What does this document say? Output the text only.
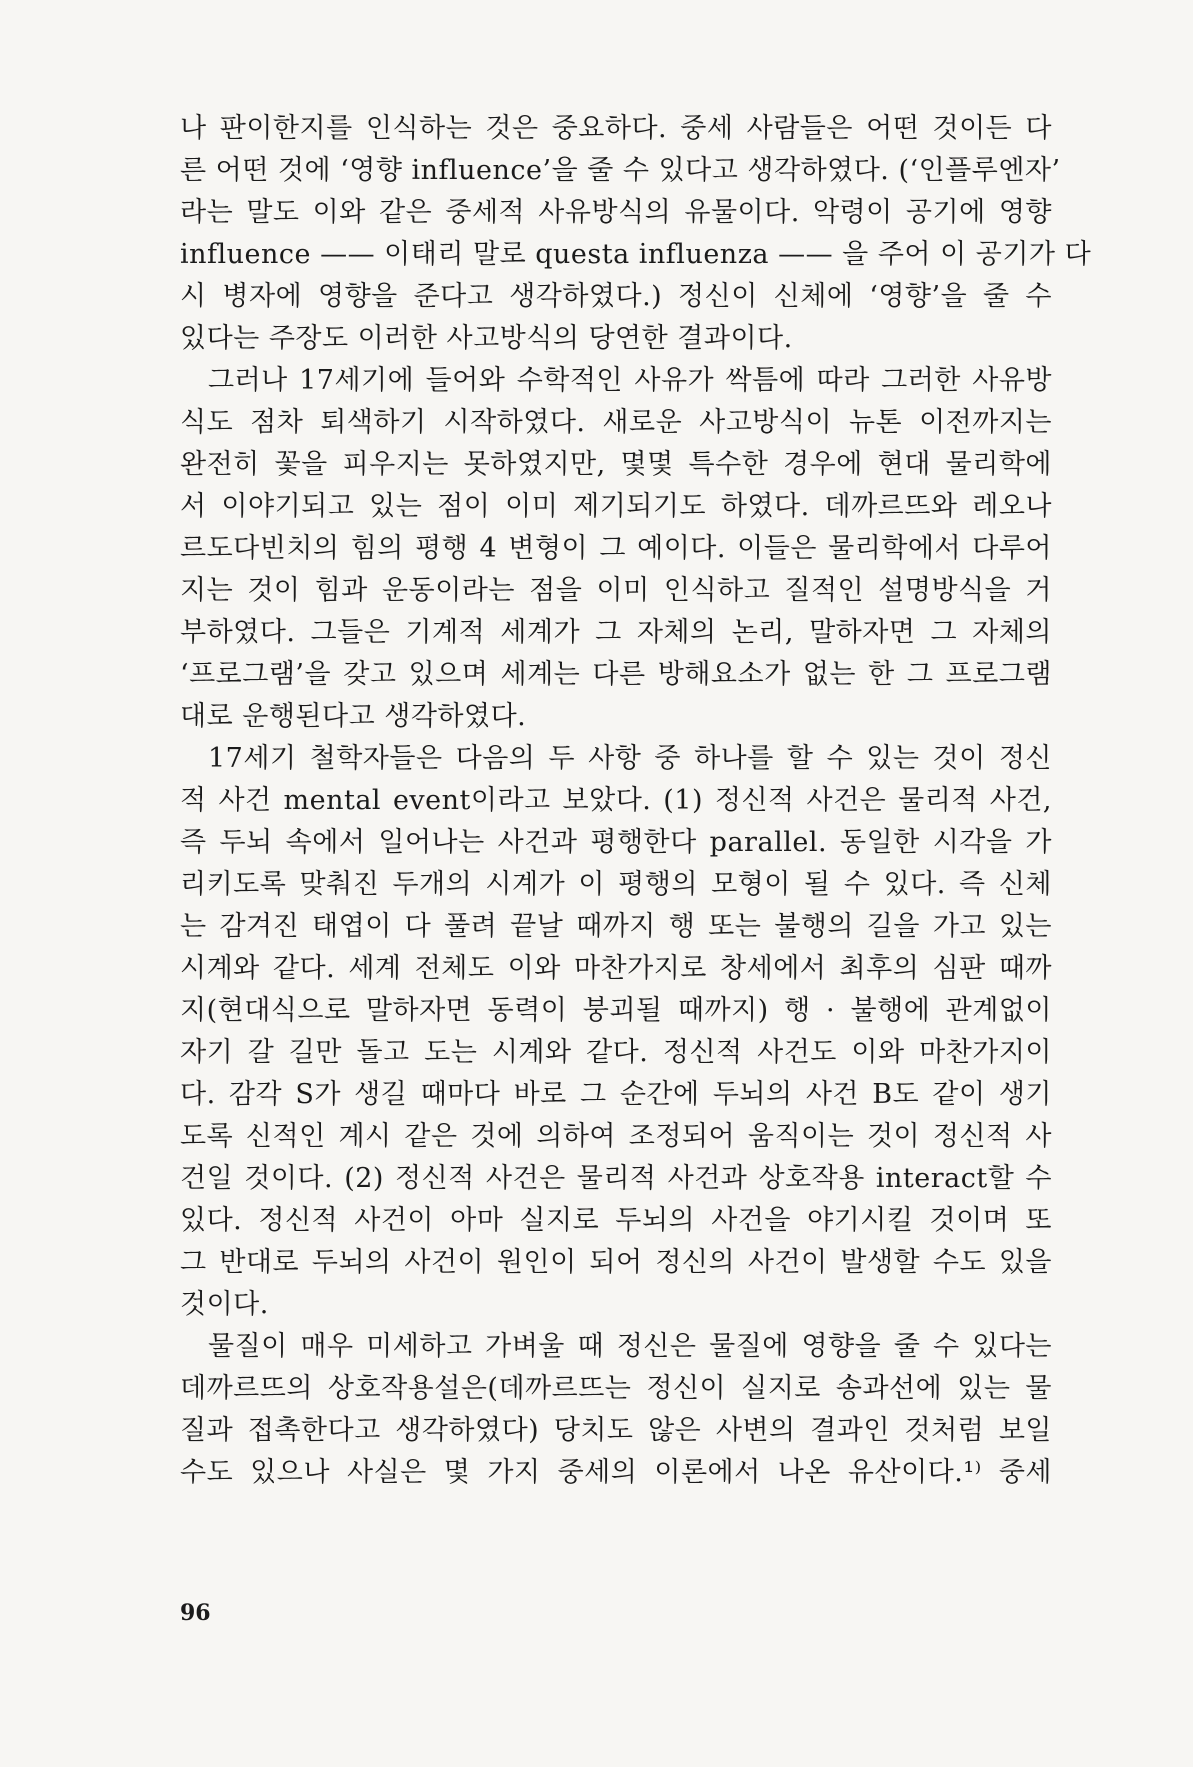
나 판이한지를 인식하는 것은 중요하다. 중세 사람들은 어떤 것이든 다
른 어떤 것에 ‘영향 influence’을 줄 수 있다고 생각하였다. (‘인플루엔자’
라는 말도 이와 같은 중세적 사유방식의 유물이다. 악령이 공기에 영향
influence —— 이태리 말로 questa influenza —— 을 주어 이 공기가 다
시 병자에 영향을 준다고 생각하였다.) 정신이 신체에 ‘영향’을 줄 수
있다는 주장도 이러한 사고방식의 당연한 결과이다.
그러나 17세기에 들어와 수학적인 사유가 싹틈에 따라 그러한 사유방
식도 점차 퇴색하기 시작하였다. 새로운 사고방식이 뉴톤 이전까지는
완전히 꽃을 피우지는 못하였지만, 몇몇 특수한 경우에 현대 물리학에
서 이야기되고 있는 점이 이미 제기되기도 하였다. 데까르뜨와 레오나
르도다빈치의 힘의 평행 4 변형이 그 예이다. 이들은 물리학에서 다루어
지는 것이 힘과 운동이라는 점을 이미 인식하고 질적인 설명방식을 거
부하였다. 그들은 기계적 세계가 그 자체의 논리, 말하자면 그 자체의
‘프로그램’을 갖고 있으며 세계는 다른 방해요소가 없는 한 그 프로그램
대로 운행된다고 생각하였다.
17세기 철학자들은 다음의 두 사항 중 하나를 할 수 있는 것이 정신
적 사건 mental event이라고 보았다. (1) 정신적 사건은 물리적 사건,
즉 두뇌 속에서 일어나는 사건과 평행한다 parallel. 동일한 시각을 가
리키도록 맞춰진 두개의 시계가 이 평행의 모형이 될 수 있다. 즉 신체
는 감겨진 태엽이 다 풀려 끝날 때까지 행 또는 불행의 길을 가고 있는
시계와 같다. 세계 전체도 이와 마찬가지로 창세에서 최후의 심판 때까
지(현대식으로 말하자면 동력이 붕괴될 때까지) 행 · 불행에 관계없이
자기 갈 길만 돌고 도는 시계와 같다. 정신적 사건도 이와 마찬가지이
다. 감각 S가 생길 때마다 바로 그 순간에 두뇌의 사건 B도 같이 생기
도록 신적인 계시 같은 것에 의하여 조정되어 움직이는 것이 정신적 사
건일 것이다. (2) 정신적 사건은 물리적 사건과 상호작용 interact할 수
있다. 정신적 사건이 아마 실지로 두뇌의 사건을 야기시킬 것이며 또
그 반대로 두뇌의 사건이 원인이 되어 정신의 사건이 발생할 수도 있을
것이다.
물질이 매우 미세하고 가벼울 때 정신은 물질에 영향을 줄 수 있다는
데까르뜨의 상호작용설은(데까르뜨는 정신이 실지로 송과선에 있는 물
질과 접촉한다고 생각하였다) 당치도 않은 사변의 결과인 것처럼 보일
수도 있으나 사실은 몇 가지 중세의 이론에서 나온 유산이다.¹⁾ 중세
96
